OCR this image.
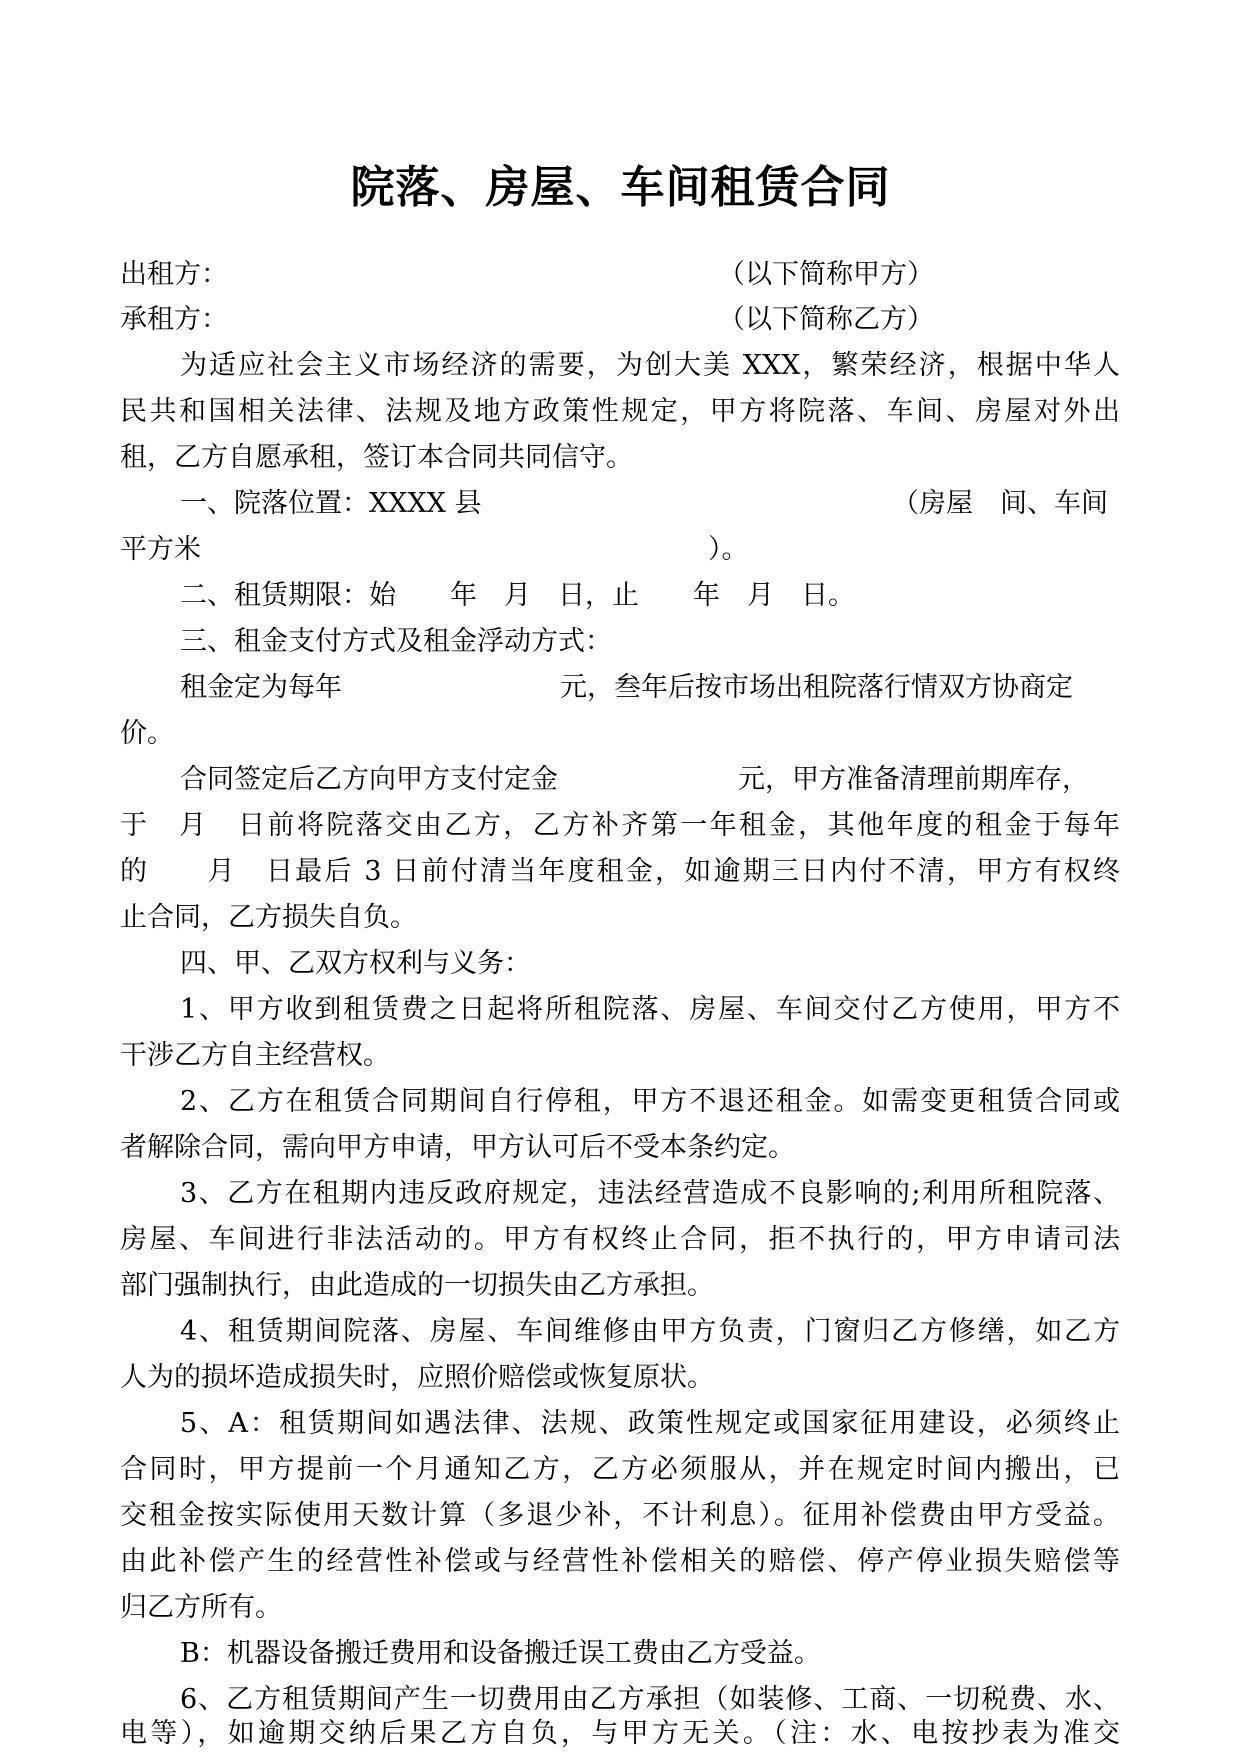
院落、房屋、车间租赁合同
出租方：	（以下简称甲方）
承租方：	（以下简称乙方）
为适应社会主义市场经济的需要，为创大美 XXX，繁荣经济，根据中华人
民共和国相关法律、法规及地方政策性规定，甲方将院落、车间、房屋对外出
租，乙方自愿承租，签订本合同共同信守。
一、院落位置：XXXX 县	（房屋　间、车间
平方米	）。
二、租赁期限：始　　年　月　日，止　　年　月　日。
三、租金支付方式及租金浮动方式：
租金定为每年	元，叁年后按市场出租院落行情双方协商定
价。
合同签定后乙方向甲方支付定金	元，甲方准备清理前期库存，
于　月　日前将院落交由乙方，乙方补齐第一年租金，其他年度的租金于每年
的　　月　日最后 3 日前付清当年度租金，如逾期三日内付不清，甲方有权终
止合同，乙方损失自负。
四、甲、乙双方权利与义务：
1、甲方收到租赁费之日起将所租院落、房屋、车间交付乙方使用，甲方不
干涉乙方自主经营权。
2、乙方在租赁合同期间自行停租，甲方不退还租金。如需变更租赁合同或
者解除合同，需向甲方申请，甲方认可后不受本条约定。
3、乙方在租期内违反政府规定，违法经营造成不良影响的;利用所租院落、
房屋、车间进行非法活动的。甲方有权终止合同，拒不执行的，甲方申请司法
部门强制执行，由此造成的一切损失由乙方承担。
4、租赁期间院落、房屋、车间维修由甲方负责，门窗归乙方修缮，如乙方
人为的损坏造成损失时，应照价赔偿或恢复原状。
5、A：租赁期间如遇法律、法规、政策性规定或国家征用建设，必须终止
合同时，甲方提前一个月通知乙方，乙方必须服从，并在规定时间内搬出，已
交租金按实际使用天数计算（多退少补，不计利息）。征用补偿费由甲方受益。
由此补偿产生的经营性补偿或与经营性补偿相关的赔偿、停产停业损失赔偿等
归乙方所有。
B：机器设备搬迁费用和设备搬迁误工费由乙方受益。
6、乙方租赁期间产生一切费用由乙方承担（如装修、工商、一切税费、水、
电等），如逾期交纳后果乙方自负，与甲方无关。（注：水、电按抄表为准交
